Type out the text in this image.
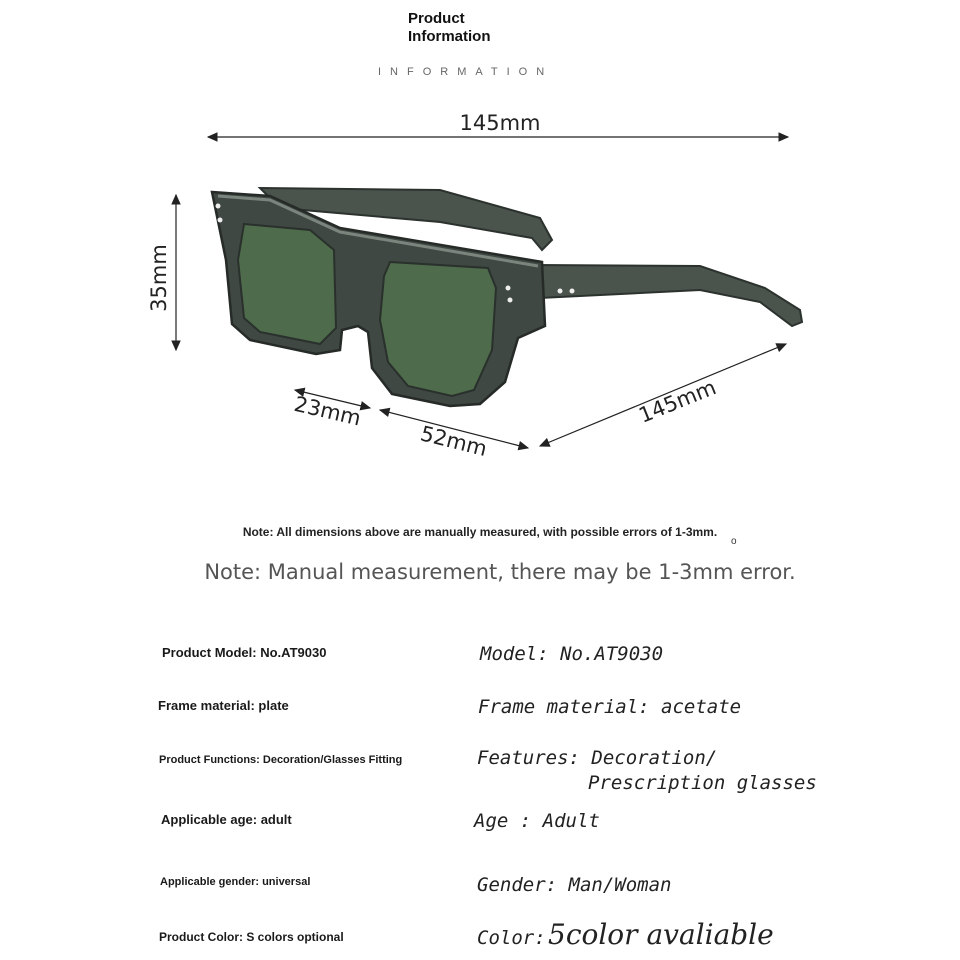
Product
Information
INFORMATION
145mm
35mm
23mm
52mm
145mm
Note: All dimensions above are manually measured, with possible errors of 1-3mm.
o
Note: Manual measurement, there may be 1-3mm error.
Product Model: No.AT9030
Frame material: plate
Product Functions: Decoration/Glasses Fitting
Applicable age: adult
Applicable gender: universal
Product Color: S colors optional
Model: No.AT9030
Frame material: acetate
Features: Decoration/
Prescription glasses
Age : Adult
Gender: Man/Woman
Color: 5color avaliable
